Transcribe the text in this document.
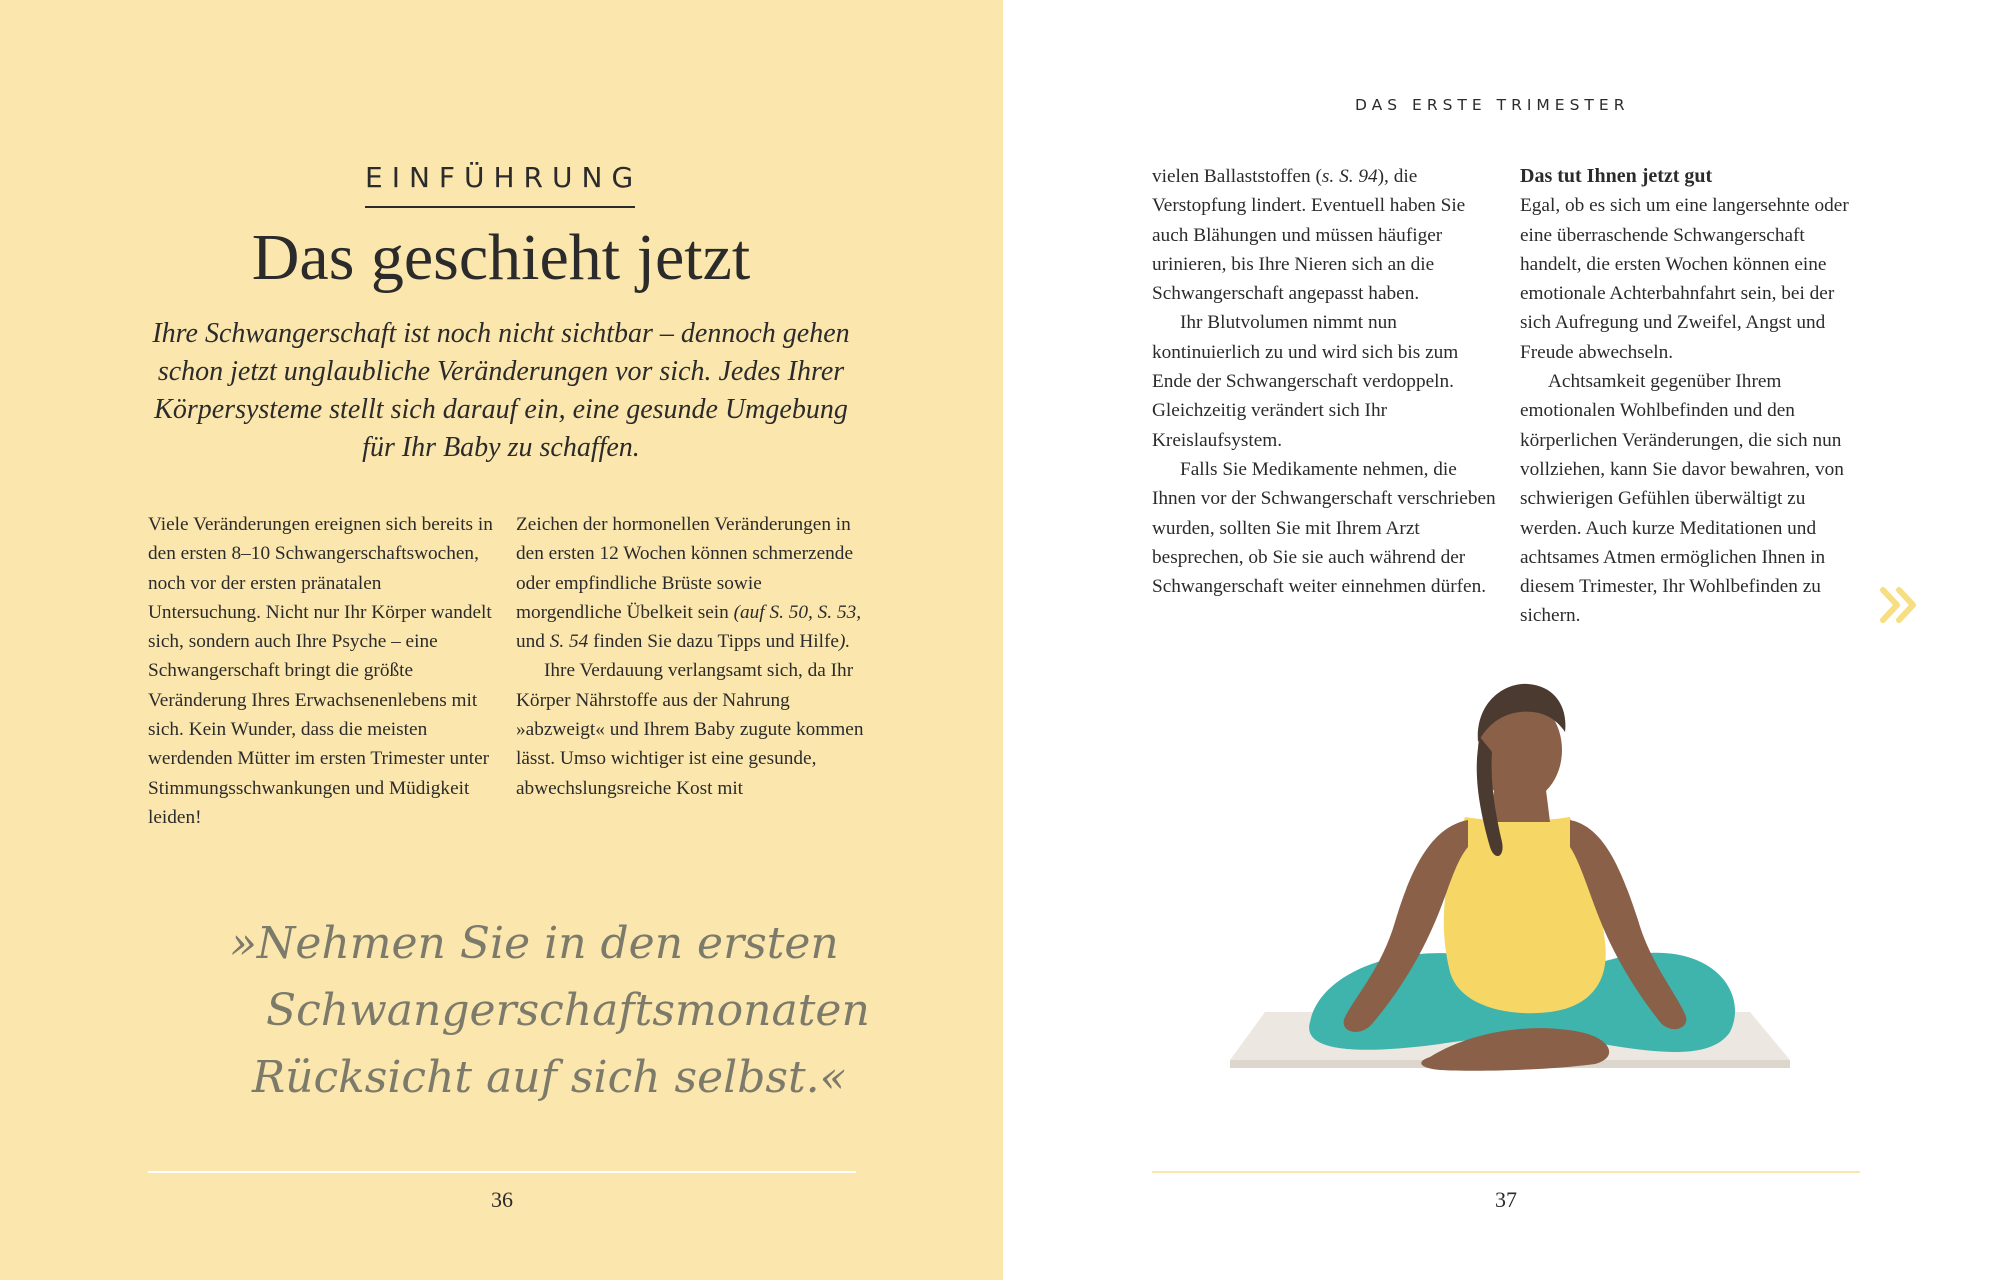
EINFÜHRUNG
Das geschieht jetzt
Ihre Schwangerschaft ist noch nicht sichtbar – dennoch gehen schon jetzt unglaubliche Veränderungen vor sich. Jedes Ihrer Körpersysteme stellt sich darauf ein, eine gesunde Umgebung für Ihr Baby zu schaffen.

Viele Veränderungen ereignen sich bereits in den ersten 8–10 Schwangerschaftswochen, noch vor der ersten pränatalen Untersuchung. Nicht nur Ihr Körper wandelt sich, sondern auch Ihre Psyche – eine Schwangerschaft bringt die größte Veränderung Ihres Erwachsenenlebens mit sich. Kein Wunder, dass die meisten werdenden Mütter im ersten Trimester unter Stimmungsschwankungen und Müdigkeit leiden!

Zeichen der hormonellen Veränderungen in den ersten 12 Wochen können schmerzende oder empfindliche Brüste sowie morgendliche Übelkeit sein (auf S. 50, S. 53, und S. 54 finden Sie dazu Tipps und Hilfe).

Ihre Verdauung verlangsamt sich, da Ihr Körper Nährstoffe aus der Nahrung »abzweigt« und Ihrem Baby zugute kommen lässt. Umso wichtiger ist eine gesunde, abwechslungsreiche Kost mit

»Nehmen Sie in den ersten
Schwangerschaftsmonaten
Rücksicht auf sich selbst.«
36
DAS ERSTE TRIMESTER

vielen Ballaststoffen (s. S. 94), die Verstopfung lindert. Eventuell haben Sie auch Blähungen und müssen häufiger urinieren, bis Ihre Nieren sich an die Schwangerschaft angepasst haben.

Ihr Blutvolumen nimmt nun kontinuierlich zu und wird sich bis zum Ende der Schwangerschaft verdoppeln. Gleichzeitig verändert sich Ihr Kreislaufsystem.

Falls Sie Medikamente nehmen, die Ihnen vor der Schwangerschaft verschrieben wurden, sollten Sie mit Ihrem Arzt besprechen, ob Sie sie auch während der Schwangerschaft weiter einnehmen dürfen.

Das tut Ihnen jetzt gut

Egal, ob es sich um eine langersehnte oder eine überraschende Schwangerschaft handelt, die ersten Wochen können eine emotionale Achterbahnfahrt sein, bei der sich Aufregung und Zweifel, Angst und Freude abwechseln.

Achtsamkeit gegenüber Ihrem emotionalen Wohlbefinden und den körperlichen Veränderungen, die sich nun vollziehen, kann Sie davor bewahren, von schwierigen Gefühlen überwältigt zu werden. Auch kurze Meditationen und achtsames Atmen ermöglichen Ihnen in diesem Trimester, Ihr Wohlbefinden zu sichern.

37
